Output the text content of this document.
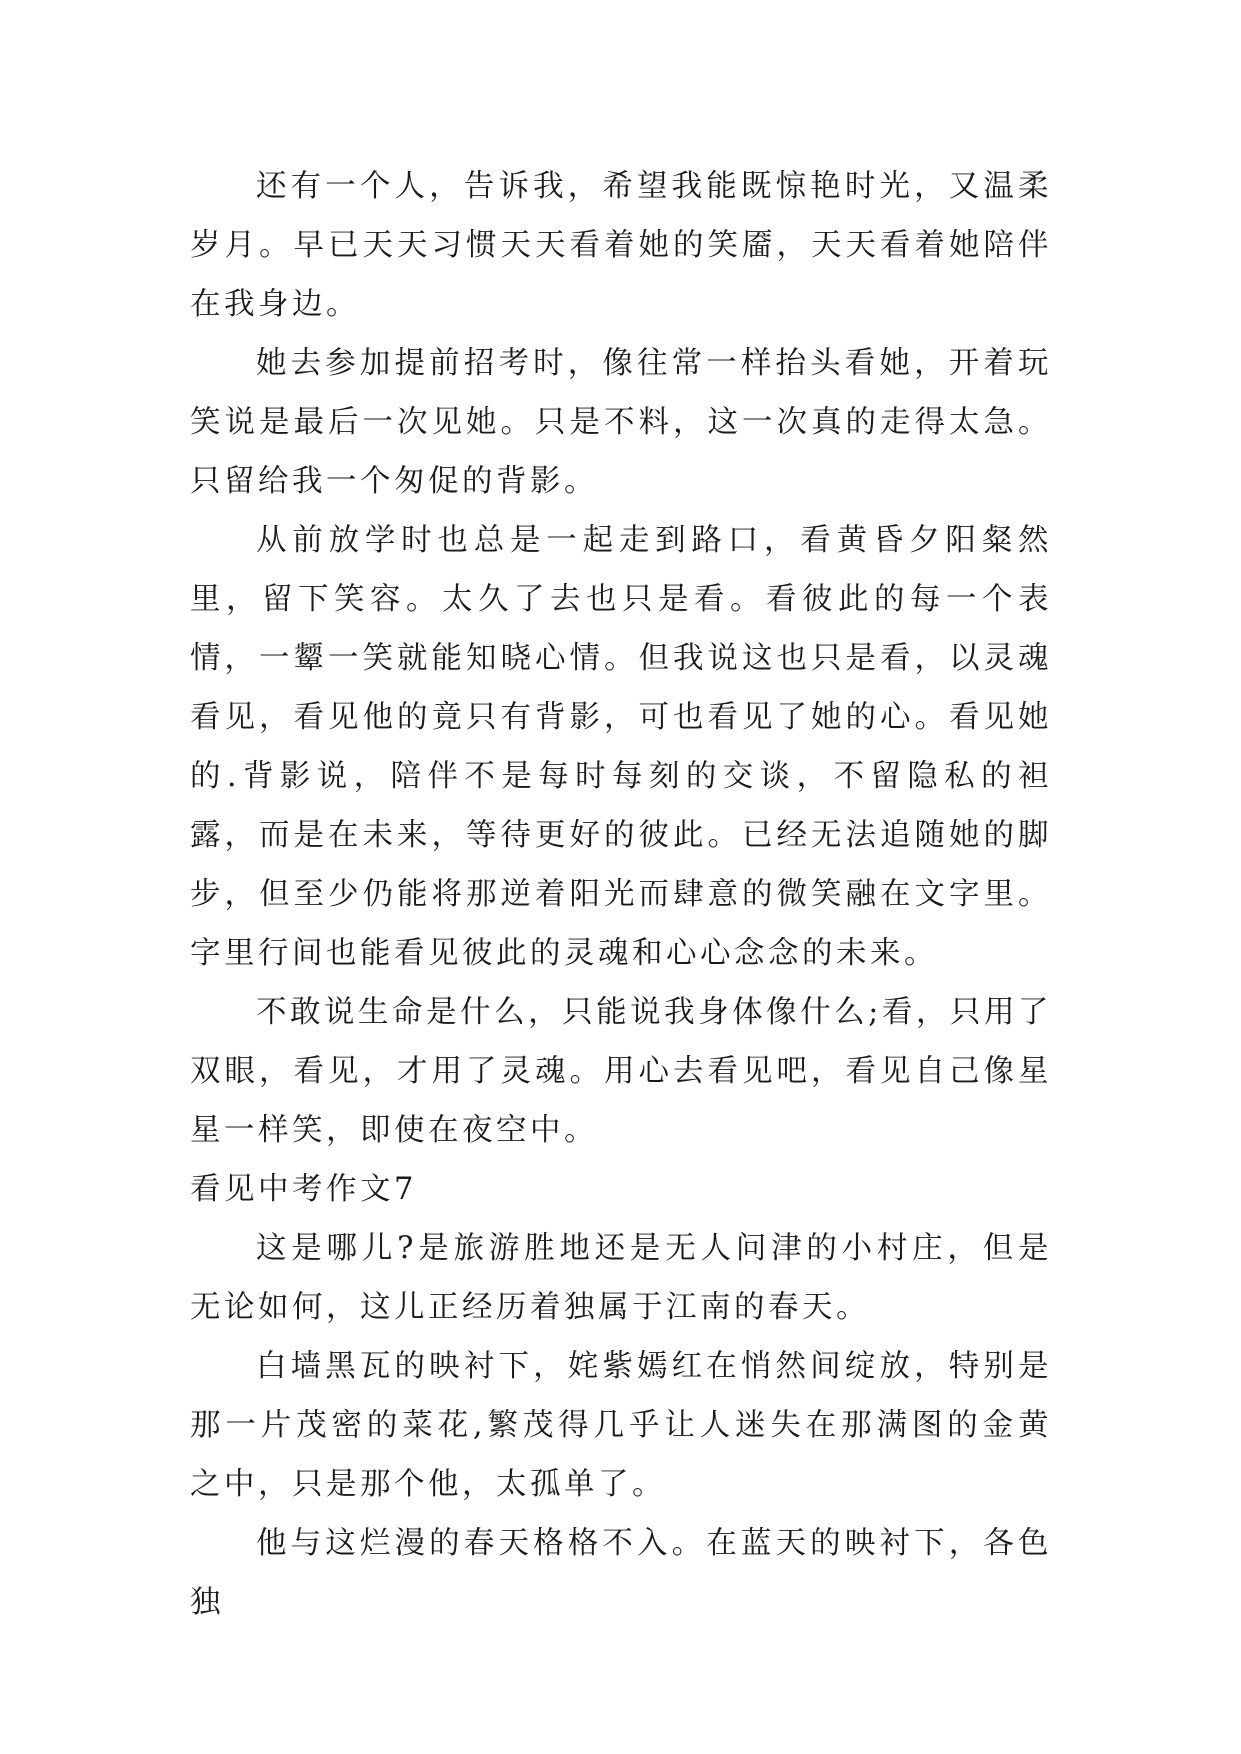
还有一个人，告诉我，希望我能既惊艳时光，又温柔岁月。早已天天习惯天天看着她的笑靥，天天看着她陪伴在我身边。

她去参加提前招考时，像往常一样抬头看她，开着玩笑说是最后一次见她。只是不料，这一次真的走得太急。只留给我一个匆促的背影。

从前放学时也总是一起走到路口，看黄昏夕阳粲然里，留下笑容。太久了去也只是看。看彼此的每一个表情，一颦一笑就能知晓心情。但我说这也只是看，以灵魂看见，看见他的竟只有背影，可也看见了她的心。看见她的.背影说，陪伴不是每时每刻的交谈，不留隐私的袒露，而是在未来，等待更好的彼此。已经无法追随她的脚步，但至少仍能将那逆着阳光而肆意的微笑融在文字里。字里行间也能看见彼此的灵魂和心心念念的未来。

不敢说生命是什么，只能说我身体像什么;看，只用了双眼，看见，才用了灵魂。用心去看见吧，看见自己像星星一样笑，即使在夜空中。

看见中考作文7

这是哪儿?是旅游胜地还是无人问津的小村庄，但是无论如何，这儿正经历着独属于江南的春天。

白墙黑瓦的映衬下，姹紫嫣红在悄然间绽放，特别是那一片茂密的菜花,繁茂得几乎让人迷失在那满图的金黄之中，只是那个他，太孤单了。

他与这烂漫的春天格格不入。在蓝天的映衬下，各色独
